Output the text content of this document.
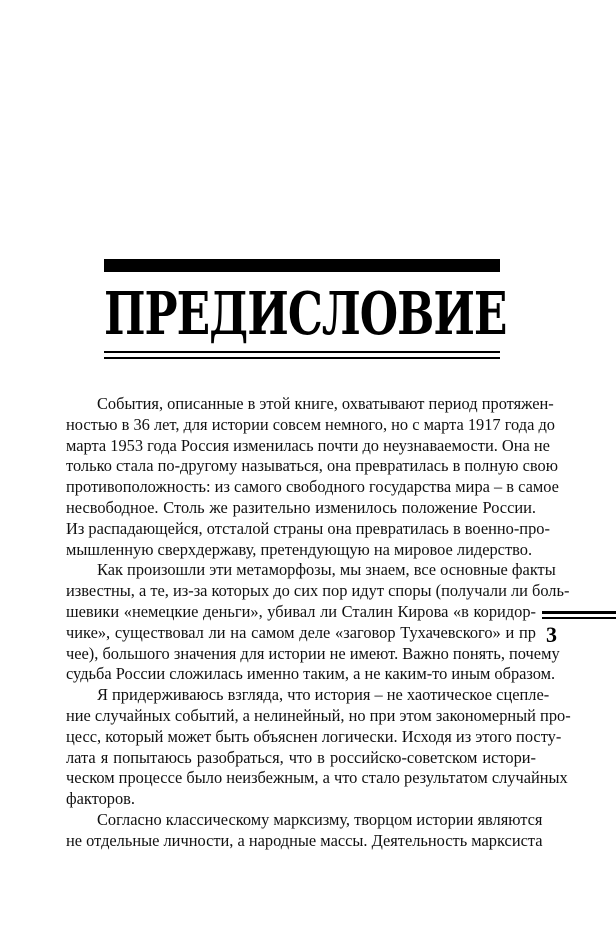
ПРЕДИСЛОВИЕ

События, описанные в этой книге, охватывают период протяжен-
ностью в 36 лет, для истории совсем немного, но с марта 1917 года до
марта 1953 года Россия изменилась почти до неузнаваемости. Она не
только стала по-другому называться, она превратилась в полную свою
противоположность: из самого свободного государства мира – в самое
несвободное. Столь же разительно изменилось положение России.
Из распадающейся, отсталой страны она превратилась в военно-про-
мышленную сверхдержаву, претендующую на мировое лидерство.

Как произошли эти метаморфозы, мы знаем, все основные факты
известны, а те, из-за которых до сих пор идут споры (получали ли боль-
шевики «немецкие деньги», убивал ли Сталин Кирова «в коридор-
чике», существовал ли на самом деле «заговор Тухачевского» и пр
чее), большого значения для истории не имеют. Важно понять, почему
судьба России сложилась именно таким, а не каким-то иным образом.

Я придерживаюсь взгляда, что история – не хаотическое сцепле-
ние случайных событий, а нелинейный, но при этом закономерный про-
цесс, который может быть объяснен логически. Исходя из этого посту-
лата я попытаюсь разобраться, что в российско-советском истори-
ческом процессе было неизбежным, а что стало результатом случайных
факторов.

Согласно классическому марксизму, творцом истории являются
не отдельные личности, а народные массы. Деятельность марксиста

3
